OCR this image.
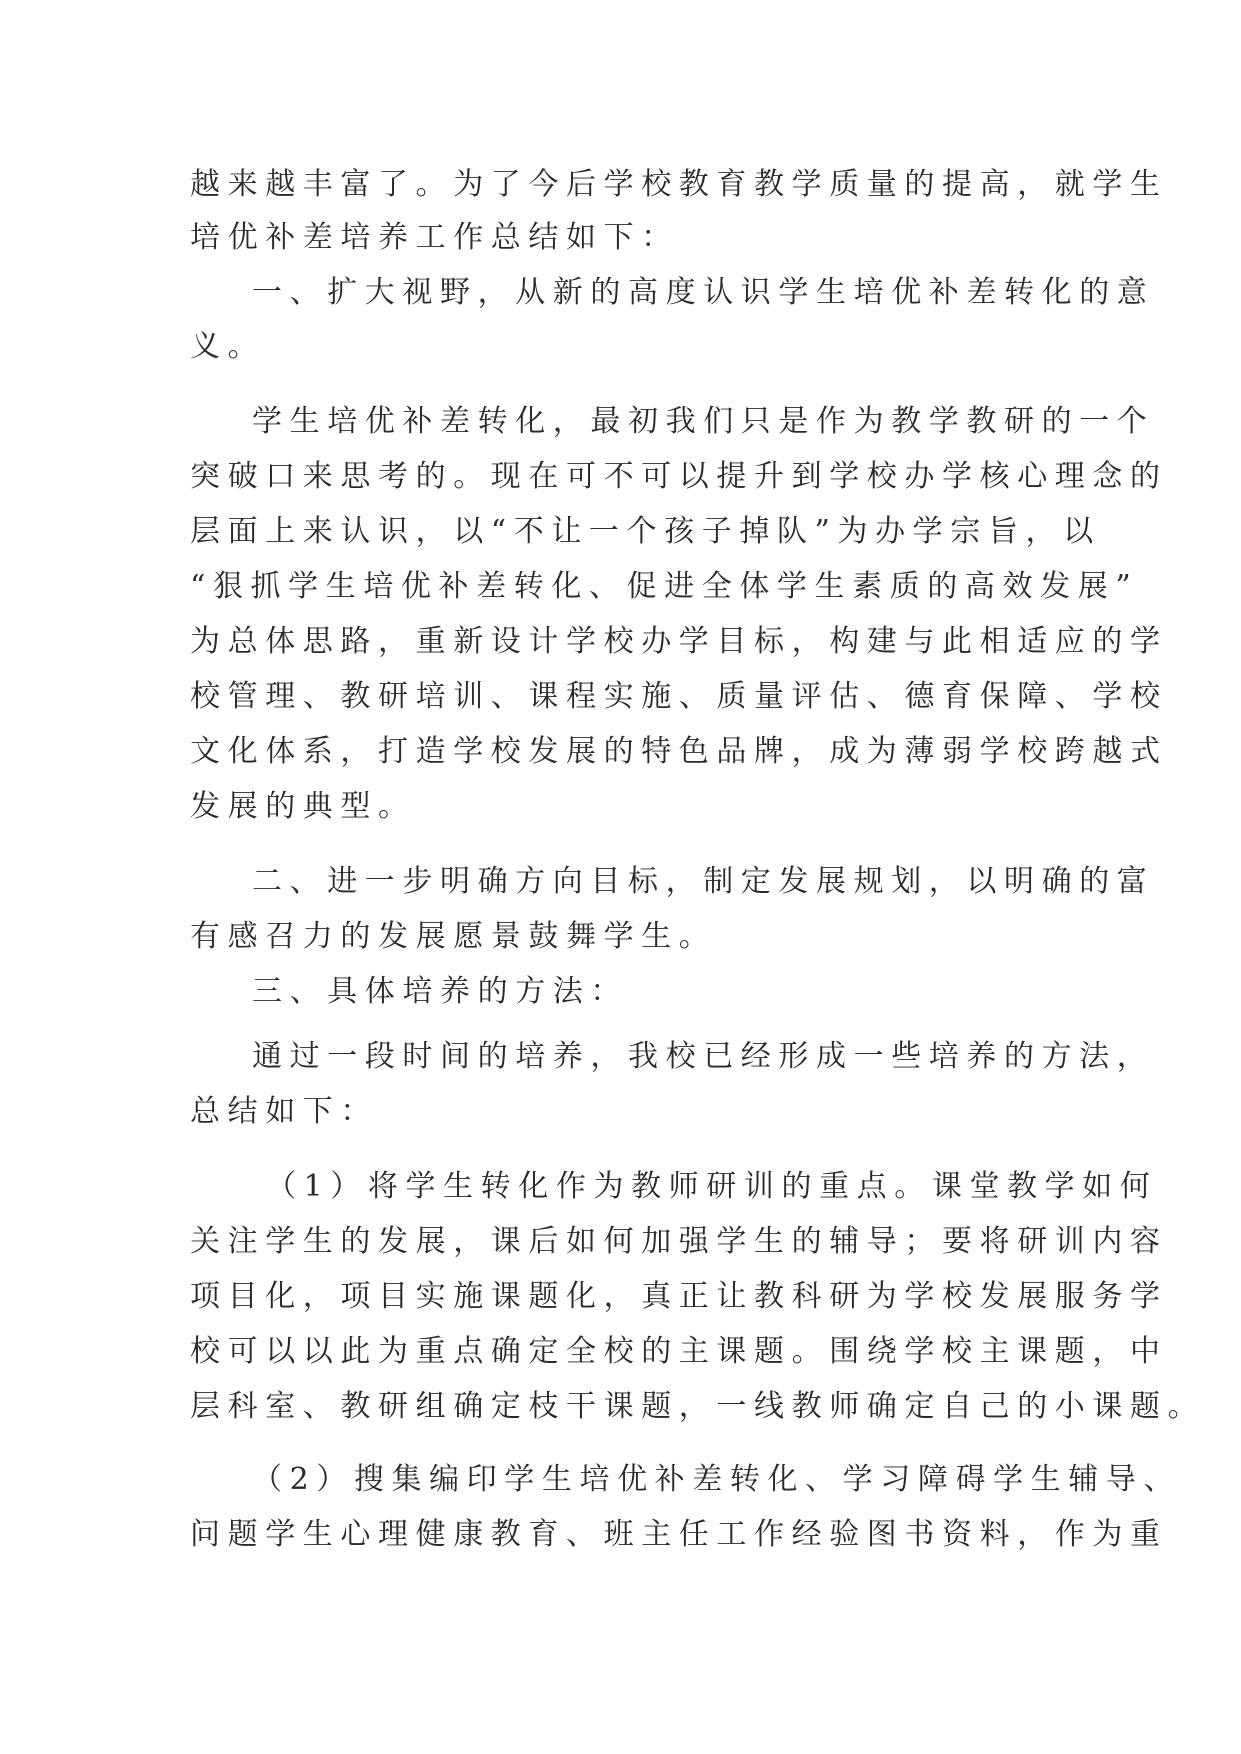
越来越丰富了。为了今后学校教育教学质量的提高，就学生
培优补差培养工作总结如下：
一、扩大视野，从新的高度认识学生培优补差转化的意
义。
学生培优补差转化，最初我们只是作为教学教研的一个
突破口来思考的。现在可不可以提升到学校办学核心理念的
层面上来认识，以“不让一个孩子掉队”为办学宗旨，以
“狠抓学生培优补差转化、促进全体学生素质的高效发展”
为总体思路，重新设计学校办学目标，构建与此相适应的学
校管理、教研培训、课程实施、质量评估、德育保障、学校
文化体系，打造学校发展的特色品牌，成为薄弱学校跨越式
发展的典型。
二、进一步明确方向目标，制定发展规划，以明确的富
有感召力的发展愿景鼓舞学生。
三、具体培养的方法：
通过一段时间的培养，我校已经形成一些培养的方法，
总结如下：
（1）将学生转化作为教师研训的重点。课堂教学如何
关注学生的发展，课后如何加强学生的辅导；要将研训内容
项目化，项目实施课题化，真正让教科研为学校发展服务学
校可以以此为重点确定全校的主课题。围绕学校主课题，中
层科室、教研组确定枝干课题，一线教师确定自己的小课题。
（2）搜集编印学生培优补差转化、学习障碍学生辅导、
问题学生心理健康教育、班主任工作经验图书资料，作为重
